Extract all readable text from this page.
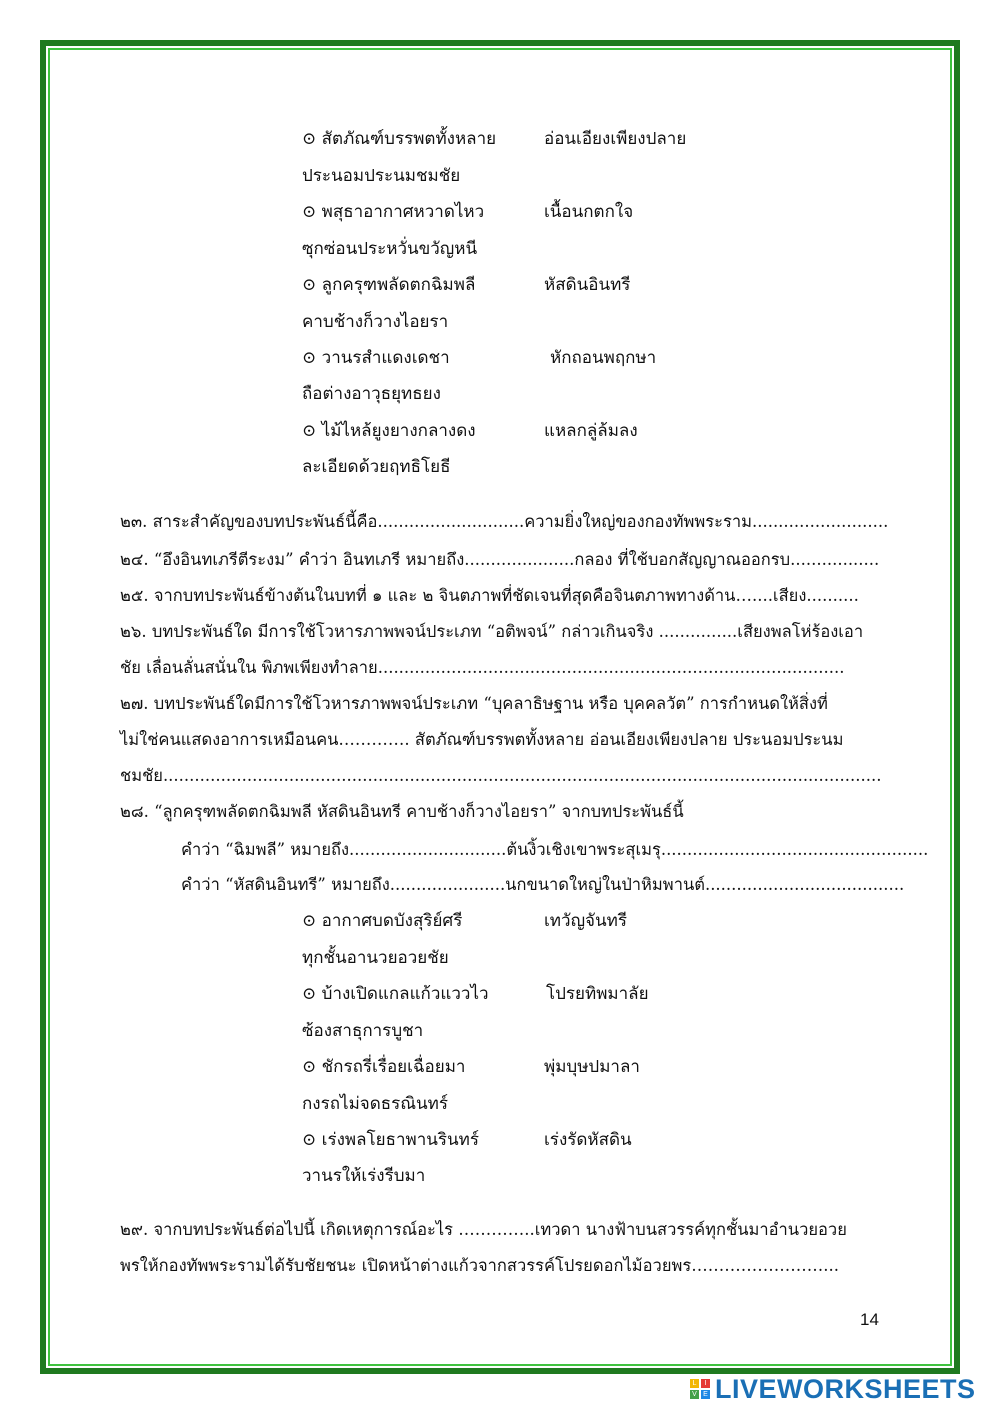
⊙ สัตภัณฑ์บรรพตทั้งหลาย	อ่อนเอียงเพียงปลาย
ประนอมประนมชมชัย
⊙ พสุธาอากาศหวาดไหว	เนื้อนกตกใจ
ซุกซ่อนประหวั่นขวัญหนี
⊙ ลูกครุฑพลัดตกฉิมพลี	หัสดินอินทรี
คาบช้างก็วางไอยรา
⊙ วานรสำแดงเดชา	หักถอนพฤกษา
ถือต่างอาวุธยุทธยง
⊙ ไม้ไหล้ยูงยางกลางดง	แหลกลู่ล้มลง
ละเอียดด้วยฤทธิโยธี
๒๓. สาระสำคัญของบทประพันธ์นี้คือ............................ความยิ่งใหญ่ของกองทัพพระราม..........................
๒๔. “อึงอินทเภรีตีระงม” คำว่า อินทเภรี หมายถึง.....................กลอง ที่ใช้บอกสัญญาณออกรบ.................
๒๕. จากบทประพันธ์ข้างต้นในบทที่ ๑ และ ๒ จินตภาพที่ชัดเจนที่สุดคือจินตภาพทางด้าน…....เสียง..........
๒๖. บทประพันธ์ใด มีการใช้โวหารภาพพจน์ประเภท “อติพจน์” กล่าวเกินจริง ...............เสียงพลโห่ร้องเอา
ชัย เลื่อนลั่นสนั่นใน พิภพเพียงทำลาย.........................................................................................
๒๗. บทประพันธ์ใดมีการใช้โวหารภาพพจน์ประเภท “บุคลาธิษฐาน หรือ บุคคลวัต” การกำหนดให้สิ่งที่
ไม่ใช่คนแสดงอาการเหมือนคน…………. สัตภัณฑ์บรรพตทั้งหลาย อ่อนเอียงเพียงปลาย ประนอมประนม
ชมชัย.........................................................................................................................................
๒๘. “ลูกครุฑพลัดตกฉิมพลี หัสดินอินทรี คาบช้างก็วางไอยรา” จากบทประพันธ์นี้
คำว่า “ฉิมพลี” หมายถึง..............................ต้นงิ้วเชิงเขาพระสุเมรุ...................................................
คำว่า “หัสดินอินทรี” หมายถึง......................นกขนาดใหญ่ในป่าหิมพานต์......................................
⊙ อากาศบดบังสุริย์ศรี	เทวัญจันทรี
ทุกชั้นอานวยอวยชัย
⊙ บ้างเปิดแกลแก้วแววไว	โปรยทิพมาลัย
ซ้องสาธุการบูชา
⊙ ชักรถรี่เรื่อยเฉื่อยมา	พุ่มบุษปมาลา
กงรถไม่จดธรณินทร์
⊙ เร่งพลโยธาพานรินทร์	เร่งรัดหัสดิน
วานรให้เร่งรีบมา
๒๙. จากบทประพันธ์ต่อไปนี้ เกิดเหตุการณ์อะไร …………..เทวดา นางฟ้าบนสวรรค์ทุกชั้นมาอำนวยอวย
พรให้กองทัพพระรามได้รับชัยชนะ เปิดหน้าต่างแก้วจากสวรรค์โปรยดอกไม้อวยพร……………………...
14
L	I
V E LIVEWORKSHEETS
